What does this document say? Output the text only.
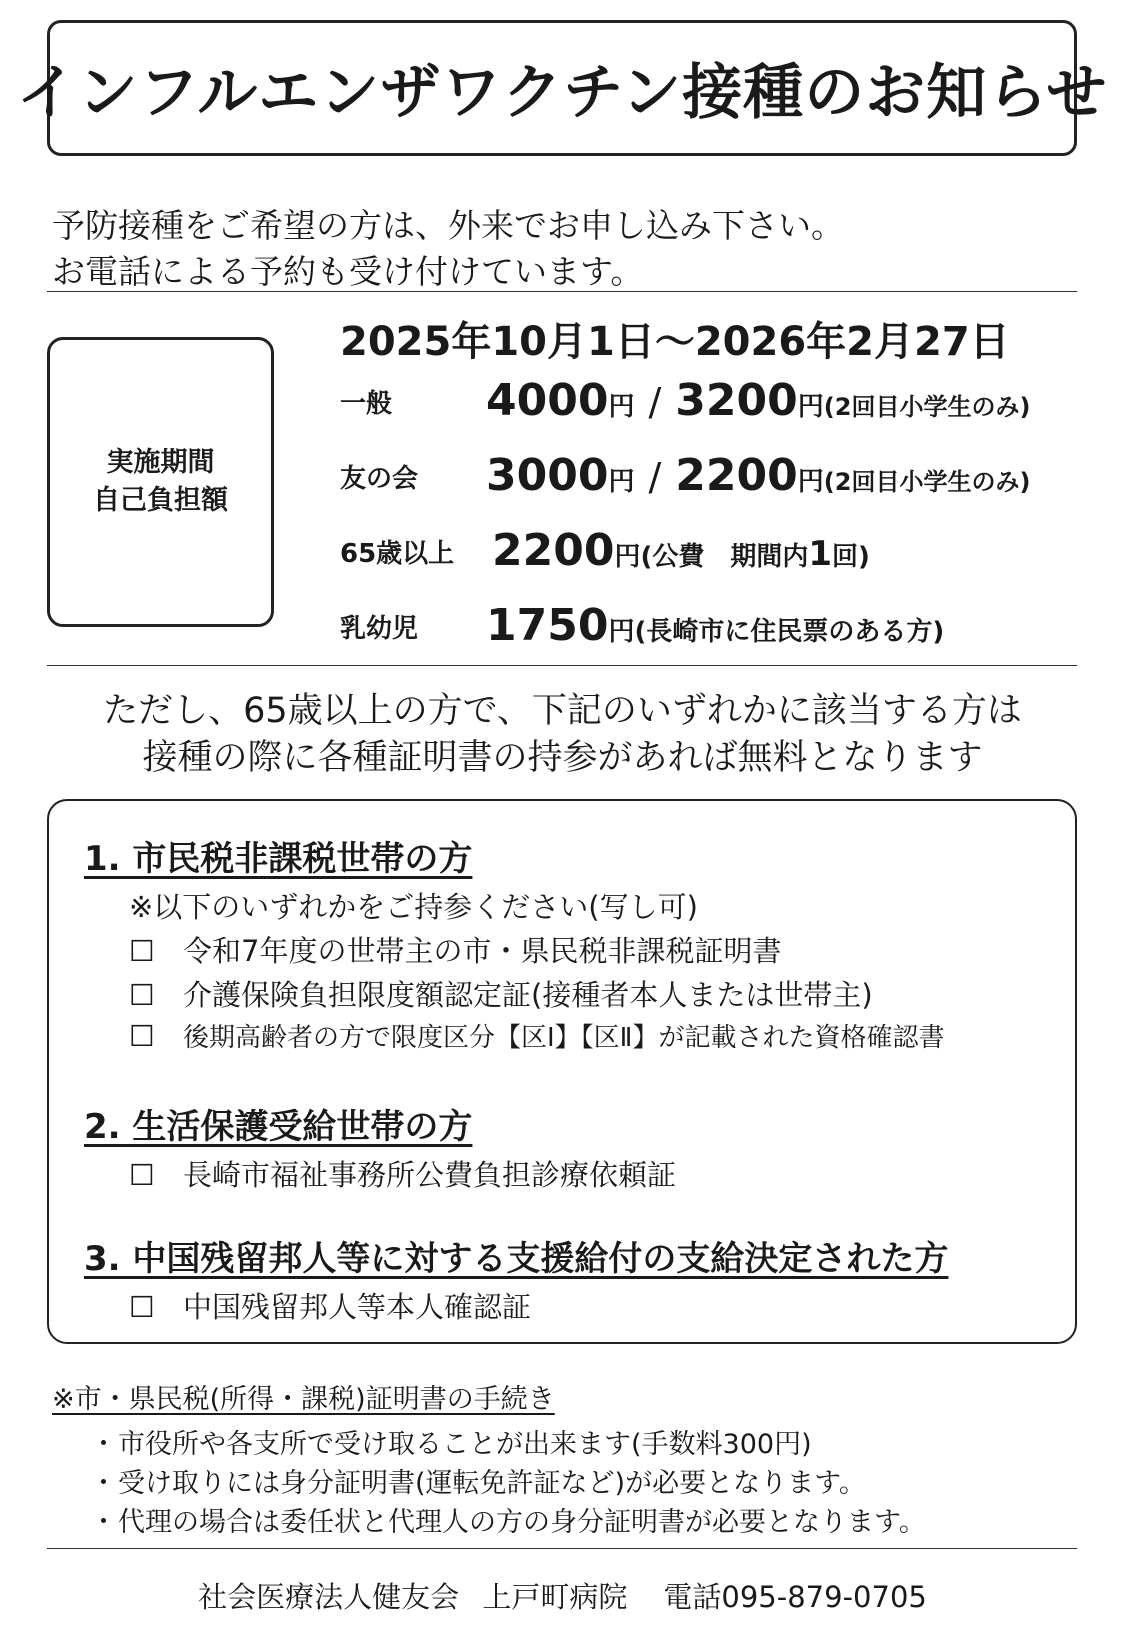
インフルエンザワクチン接種のお知らせ
予防接種をご希望の方は、外来でお申し込み下さい。
お電話による予約も受け付けています。
実施期間
自己負担額
2025年10月1日～2026年2月27日
一般 4000円 / 3200円(2回目小学生のみ)
友の会 3000円 / 2200円(2回目小学生のみ)
65歳以上 2200円(公費　期間内1回)
乳幼児 1750円(長崎市に住民票のある方)
ただし、65歳以上の方で、下記のいずれかに該当する方は
接種の際に各種証明書の持参があれば無料となります
1. 市民税非課税世帯の方
※以下のいずれかをご持参ください(写し可)
☐ 令和7年度の世帯主の市・県民税非課税証明書
☐ 介護保険負担限度額認定証(接種者本人または世帯主)
☐ 後期高齢者の方で限度区分【区Ⅰ】【区Ⅱ】が記載された資格確認書
2. 生活保護受給世帯の方
☐ 長崎市福祉事務所公費負担診療依頼証
3. 中国残留邦人等に対する支援給付の支給決定された方
☐ 中国残留邦人等本人確認証
※市・県民税(所得・課税)証明書の手続き
・市役所や各支所で受け取ることが出来ます(手数料300円)
・受け取りには身分証明書(運転免許証など)が必要となります。
・代理の場合は委任状と代理人の方の身分証明書が必要となります。
社会医療法人健友会 上戸町病院 電話095-879-0705
